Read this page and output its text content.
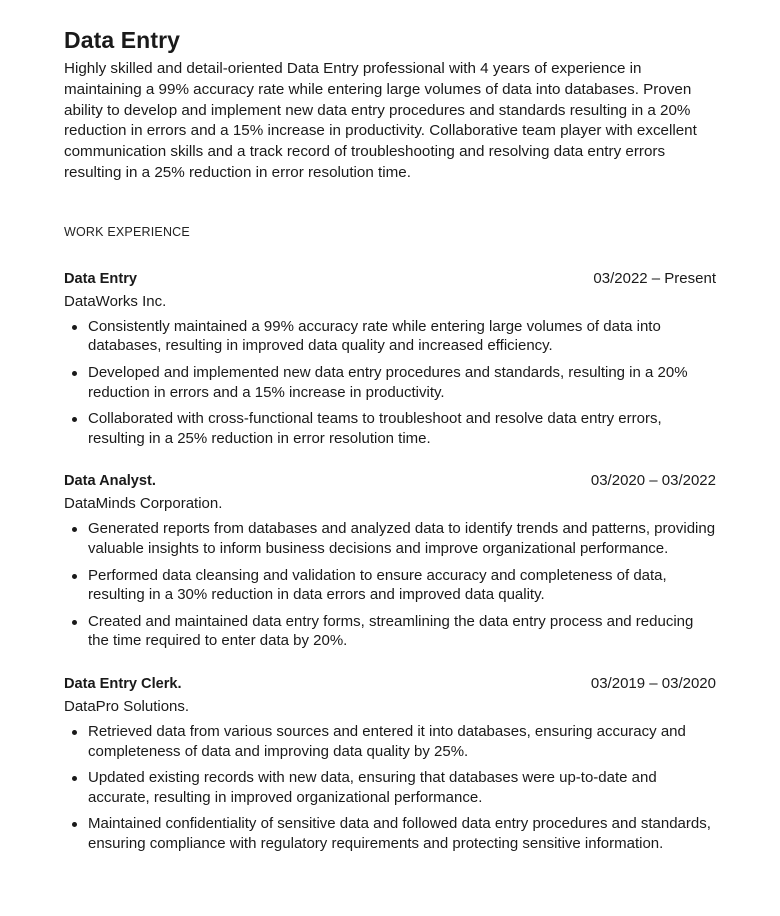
Data Entry

Highly skilled and detail-oriented Data Entry professional with 4 years of experience in maintaining a 99% accuracy rate while entering large volumes of data into databases. Proven ability to develop and implement new data entry procedures and standards resulting in a 20% reduction in errors and a 15% increase in productivity. Collaborative team player with excellent communication skills and a track record of troubleshooting and resolving data entry errors resulting in a 25% reduction in error resolution time.

WORK EXPERIENCE
Data Entry	03/2022 – Present
DataWorks Inc.
Consistently maintained a 99% accuracy rate while entering large volumes of data into databases, resulting in improved data quality and increased efficiency.
Developed and implemented new data entry procedures and standards, resulting in a 20% reduction in errors and a 15% increase in productivity.
Collaborated with cross-functional teams to troubleshoot and resolve data entry errors, resulting in a 25% reduction in error resolution time.
Data Analyst.	03/2020 – 03/2022
DataMinds Corporation.
Generated reports from databases and analyzed data to identify trends and patterns, providing valuable insights to inform business decisions and improve organizational performance.
Performed data cleansing and validation to ensure accuracy and completeness of data, resulting in a 30% reduction in data errors and improved data quality.
Created and maintained data entry forms, streamlining the data entry process and reducing the time required to enter data by 20%.
Data Entry Clerk.	03/2019 – 03/2020
DataPro Solutions.
Retrieved data from various sources and entered it into databases, ensuring accuracy and completeness of data and improving data quality by 25%.
Updated existing records with new data, ensuring that databases were up-to-date and accurate, resulting in improved organizational performance.
Maintained confidentiality of sensitive data and followed data entry procedures and standards, ensuring compliance with regulatory requirements and protecting sensitive information.
